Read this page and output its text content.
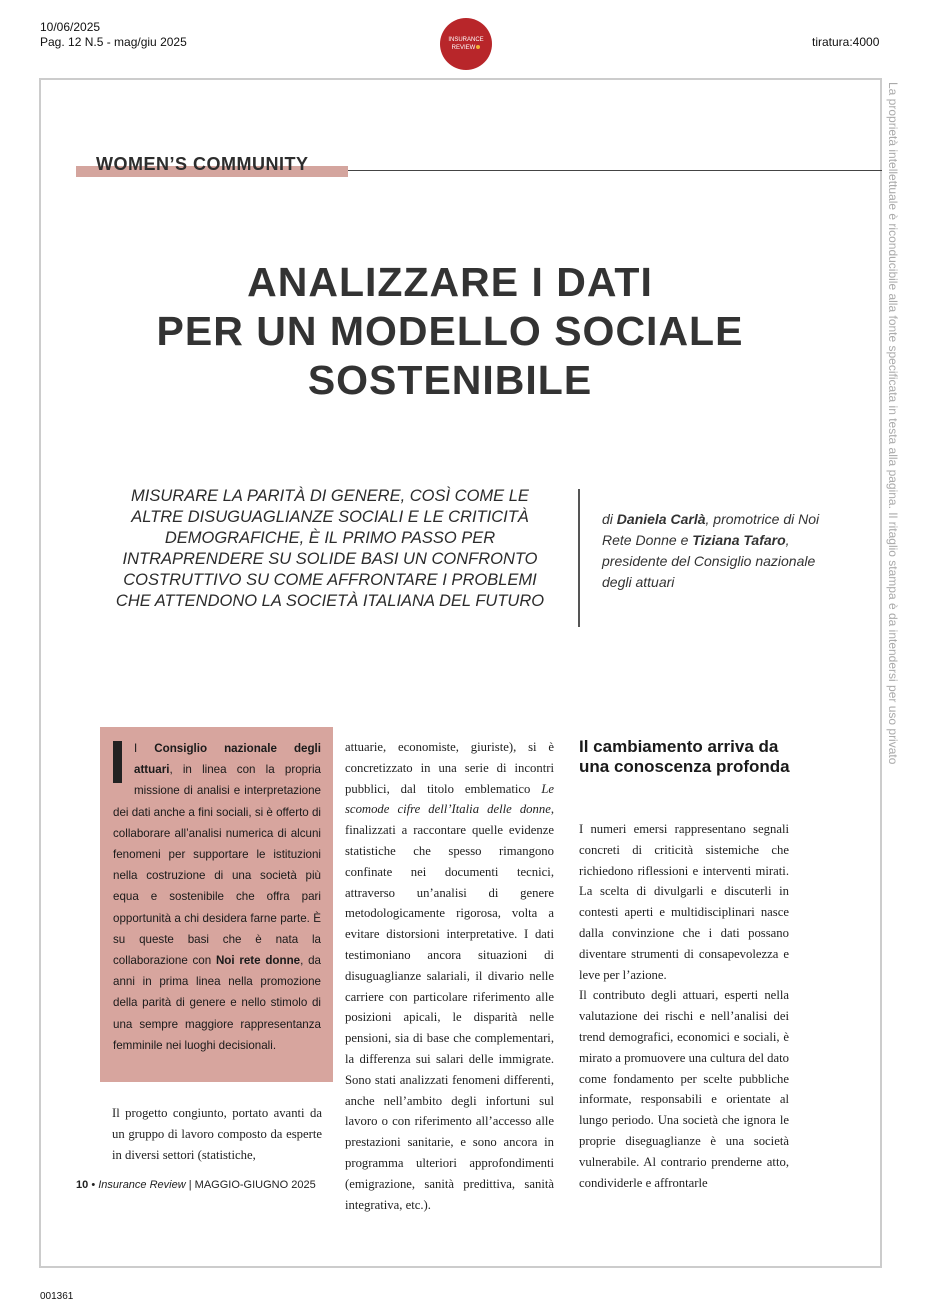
10/06/2025
Pag. 12 N.5 - mag/giu 2025	tiratura:4000
INSURANCE
REVIEW
La proprietà intellettuale è riconducibile alla fonte specificata in testa alla pagina. Il ritaglio stampa è da intendersi per uso privato
WOMEN’S COMMUNITY
ANALIZZARE I DATI
PER UN MODELLO SOCIALE
SOSTENIBILE
MISURARE LA PARITÀ DI GENERE, COSÌ COME LE ALTRE DISUGUAGLIANZE SOCIALI E LE CRITICITÀ DEMOGRAFICHE, È IL PRIMO PASSO PER INTRAPRENDERE SU SOLIDE BASI UN CONFRONTO COSTRUTTIVO SU COME AFFRONTARE I PROBLEMI CHE ATTENDONO LA SOCIETÀ ITALIANA DEL FUTURO
di Daniela Carlà, promotrice di Noi Rete Donne e Tiziana Tafaro, presidente del Consiglio nazionale degli attuari
I Consiglio nazionale degli attuari, in linea con la propria missione di analisi e interpretazione dei dati anche a fini sociali, si è offerto di collaborare all’analisi numerica di alcuni fenomeni per supportare le istituzioni nella costruzione di una società più equa e sostenibile che offra pari opportunità a chi desidera farne parte. È su queste basi che è nata la collaborazione con Noi rete donne, da anni in prima linea nella promozione della parità di genere e nello stimolo di una sempre maggiore rappresentanza femminile nei luoghi decisionali.
Il progetto congiunto, portato avanti da un gruppo di lavoro composto da esperte in diversi settori (statistiche,
attuarie, economiste, giuriste), si è concretizzato in una serie di incontri pubblici, dal titolo emblematico Le scomode cifre dell’Italia delle donne, finalizzati a raccontare quelle evidenze statistiche che spesso rimangono confinate nei documenti tecnici, attraverso un’analisi di genere metodologicamente rigorosa, volta a evitare distorsioni interpretative. I dati testimoniano ancora situazioni di disuguaglianze salariali, il divario nelle carriere con particolare riferimento alle posizioni apicali, le disparità nelle pensioni, sia di base che complementari, la differenza sui salari delle immigrate. Sono stati analizzati fenomeni differenti, anche nell’ambito degli infortuni sul lavoro o con riferimento all’accesso alle prestazioni sanitarie, e sono ancora in programma ulteriori approfondimenti (emigrazione, sanità predittiva, sanità integrativa, etc.).
Il cambiamento arriva da una conoscenza profonda
I numeri emersi rappresentano segnali concreti di criticità sistemiche che richiedono riflessioni e interventi mirati. La scelta di divulgarli e discuterli in contesti aperti e multidisciplinari nasce dalla convinzione che i dati possano diventare strumenti di consapevolezza e leve per l’azione.
Il contributo degli attuari, esperti nella valutazione dei rischi e nell’analisi dei trend demografici, economici e sociali, è mirato a promuovere una cultura del dato come fondamento per scelte pubbliche informate, responsabili e orientate al lungo periodo. Una società che ignora le proprie diseguaglianze è una società vulnerabile. Al contrario prenderne atto, condividerle e affrontarle
10 • Insurance Review | MAGGIO-GIUGNO 2025
001361
